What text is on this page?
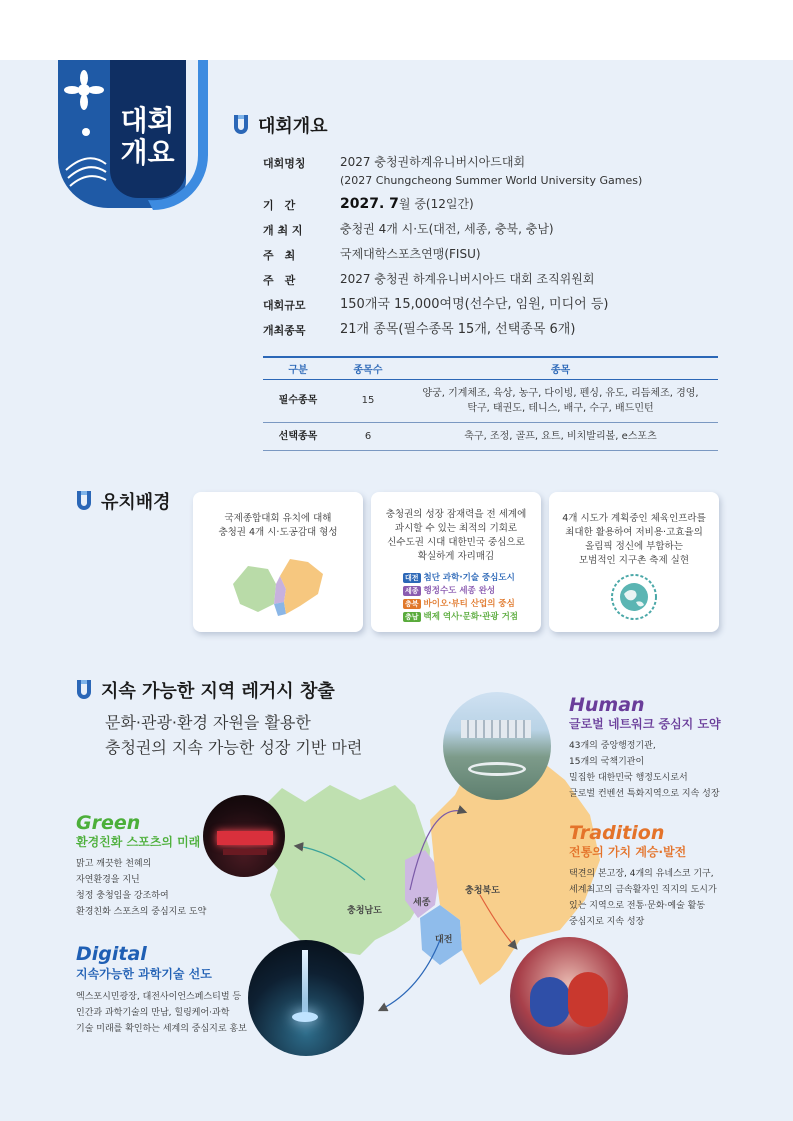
대회
개요
대회개요
대회명칭	2027 충청권하계유니버시아드대회
(2027 Chungcheong Summer World University Games)
기　간	2027. 7월 중(12일간)
개 최 지	충청권 4개 시·도(대전, 세종, 충북, 충남)
주　최	국제대학스포츠연맹(FISU)
주　관	2027 충청권 하계유니버시아드 대회 조직위원회
대회규모	150개국 15,000여명(선수단, 임원, 미디어 등)
개최종목	21개 종목(필수종목 15개, 선택종목 6개)
구분	종목수	종목
필수종목	15	양궁, 기계체조, 육상, 농구, 다이빙, 펜싱, 유도, 리듬체조, 경영,
탁구, 태권도, 테니스, 배구, 수구, 배드민턴

선택종목	6	축구, 조정, 골프, 요트, 비치발리볼, e스포츠
유치배경
국제종합대회 유치에 대해
충청권 4개 시·도공감대 형성
충청권의 성장 잠재력을 전 세계에
과시할 수 있는 최적의 기회로
신수도권 시대 대한민국 중심으로
확실하게 자리매김
대전 첨단 과학·기술 중심도시
세종 행정수도 세종 완성
충북 바이오·뷰티 산업의 중심
충남 백제 역사·문화·관광 거점
4개 시도가 계획중인 체육인프라를
최대한 활용하여 저비용·고효율의
올림픽 정신에 부합하는
모범적인 지구촌 축제 실현
지속 가능한 지역 레거시 창출
문화·관광·환경 자원을 활용한
충청권의 지속 가능한 성장 기반 마련
충청남도
세종
충청북도
대전
Human
글로벌 네트워크 중심지 도약
43개의 중앙행정기관,
15개의 국책기관이
밀집한 대한민국 행정도시로서
글로벌 컨벤션 특화지역으로 지속 성장
Green
환경친화 스포츠의 미래
맑고 깨끗한 천혜의
자연환경을 지닌
청정 충청임을 강조하여
환경친화 스포츠의 중심지로 도약
Tradition
전통의 가치 계승·발전
택견의 본고장, 4개의 유네스코 기구,
세계최고의 금속활자인 직지의 도시가
있는 지역으로 전통·문화·예술 활동
중심지로 지속 성장
Digital
지속가능한 과학기술 선도
엑스포시민광장, 대전사이언스페스티벌 등
인간과 과학기술의 만남, 힐링케어·과학
기술 미래를 확인하는 세계의 중심지로 홍보
